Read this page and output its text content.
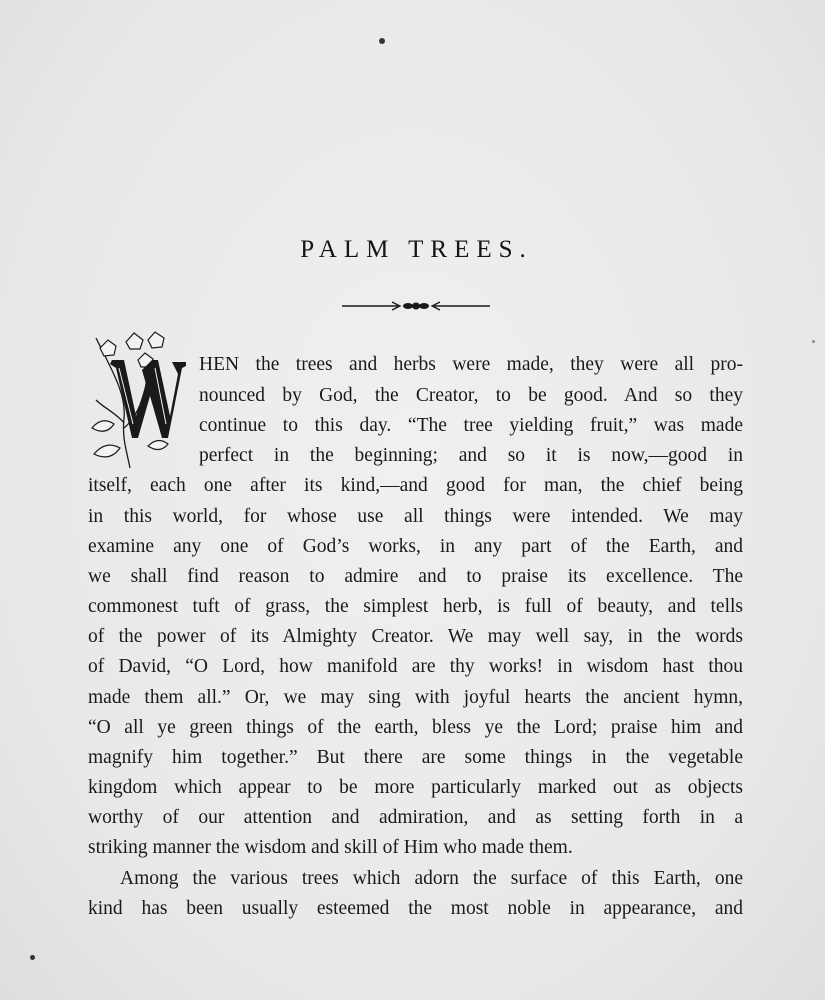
PALM TREES.
HEN the trees and herbs were made, they were all pro-
nounced by God, the Creator, to be good. And so they
continue to this day. “The tree yielding fruit,” was made
perfect in the beginning; and so it is now,—good in
itself, each one after its kind,—and good for man, the chief being
in this world, for whose use all things were intended. We may
examine any one of God’s works, in any part of the Earth, and
we shall find reason to admire and to praise its excellence. The
commonest tuft of grass, the simplest herb, is full of beauty, and tells
of the power of its Almighty Creator. We may well say, in the words
of David, “O Lord, how manifold are thy works! in wisdom hast thou
made them all.” Or, we may sing with joyful hearts the ancient hymn,
“O all ye green things of the earth, bless ye the Lord; praise him and
magnify him together.” But there are some things in the vegetable
kingdom which appear to be more particularly marked out as objects
worthy of our attention and admiration, and as setting forth in a
striking manner the wisdom and skill of Him who made them.
Among the various trees which adorn the surface of this Earth, one
kind has been usually esteemed the most noble in appearance, and
